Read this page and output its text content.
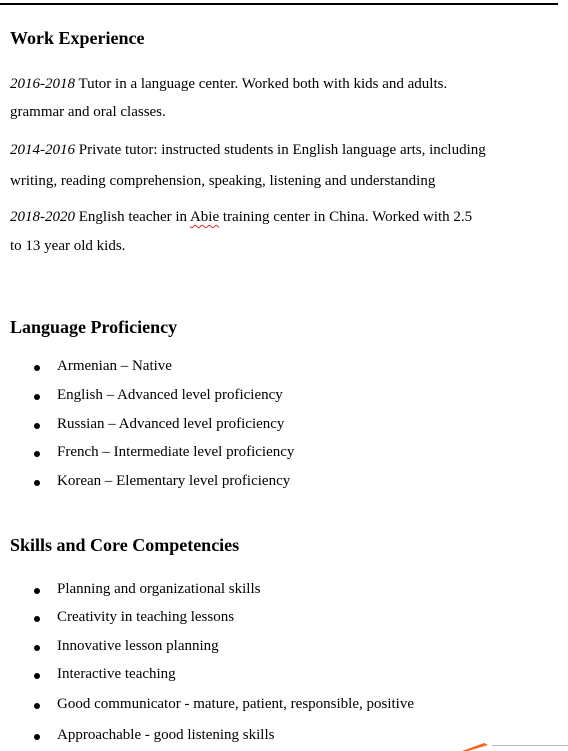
Work Experience
2016-2018 Tutor in a language center. Worked both with kids and adults.
grammar and oral classes.
2014-2016 Private tutor: instructed students in English language arts, including
writing, reading comprehension, speaking, listening and understanding
2018-2020 English teacher in Abie training center in China. Worked with 2.5
to 13 year old kids.
Language Proficiency
Armenian – Native
English – Advanced level proficiency
Russian – Advanced level proficiency
French – Intermediate level proficiency
Korean – Elementary level proficiency
Skills and Core Competencies
Planning and organizational skills
Creativity in teaching lessons
Innovative lesson planning
Interactive teaching
Good communicator - mature, patient, responsible, positive
Approachable - good listening skills
